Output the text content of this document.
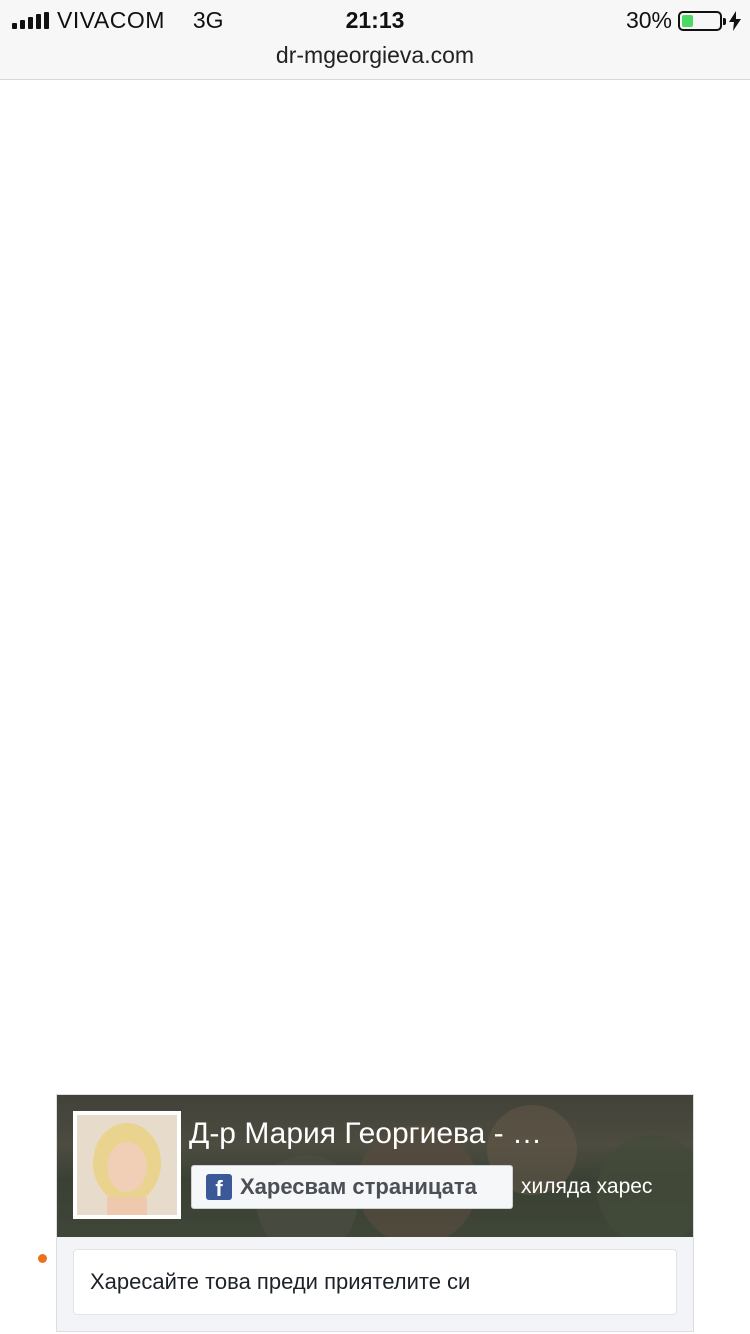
VIVACOM 3G	21:13	30%
dr-mgeorgieva.com

налице по-леко и частично обратимо увреждане на мозъка на плода.

Хипотиреоидизмът по време на бременността е с честота 1-3/1000 бременни. Причините са автоимунен тиреоидит на Хашимото, ендемичен йоден дефицит, аблативна радиойод терапия, тиреоидектомия / отстранена щитовидна жлеза/и други. Симптомите са сходни със симптомите на бременността и се изразяват в запек, непоносимост към студ (зиморничавост), нарушения в съня, мускулни крампи, косопад, промяна в гласа.

През бременността има триместър специфични референтни стойности на ТСХ, които са различни от нормалните нива на ТСХ извън бременност (0.4-4.0 mIU/l). Нормалните стойности на ТСХ през различните триместри са:

0 до 3-ти месец 0.1 до 2.5 mIU/l
4 - 6-ти месец 0.2–3.0 mIU/l
7 - 9-ти месец 0.3-3.5 mIU/l.

Субклиничния хипотиреоидизъм е състояние, при което са налице повишени стойности на ТСХ при нормални стойности на Т3 и Т4. Обикновено той протича безсимптомно. Най-честите причини за субклиничен хипотиреоидизъм по време на

Д-р Мария Георгиева - …
f Харесвам страницата хиляда харес
Харесайте това преди приятелите си
